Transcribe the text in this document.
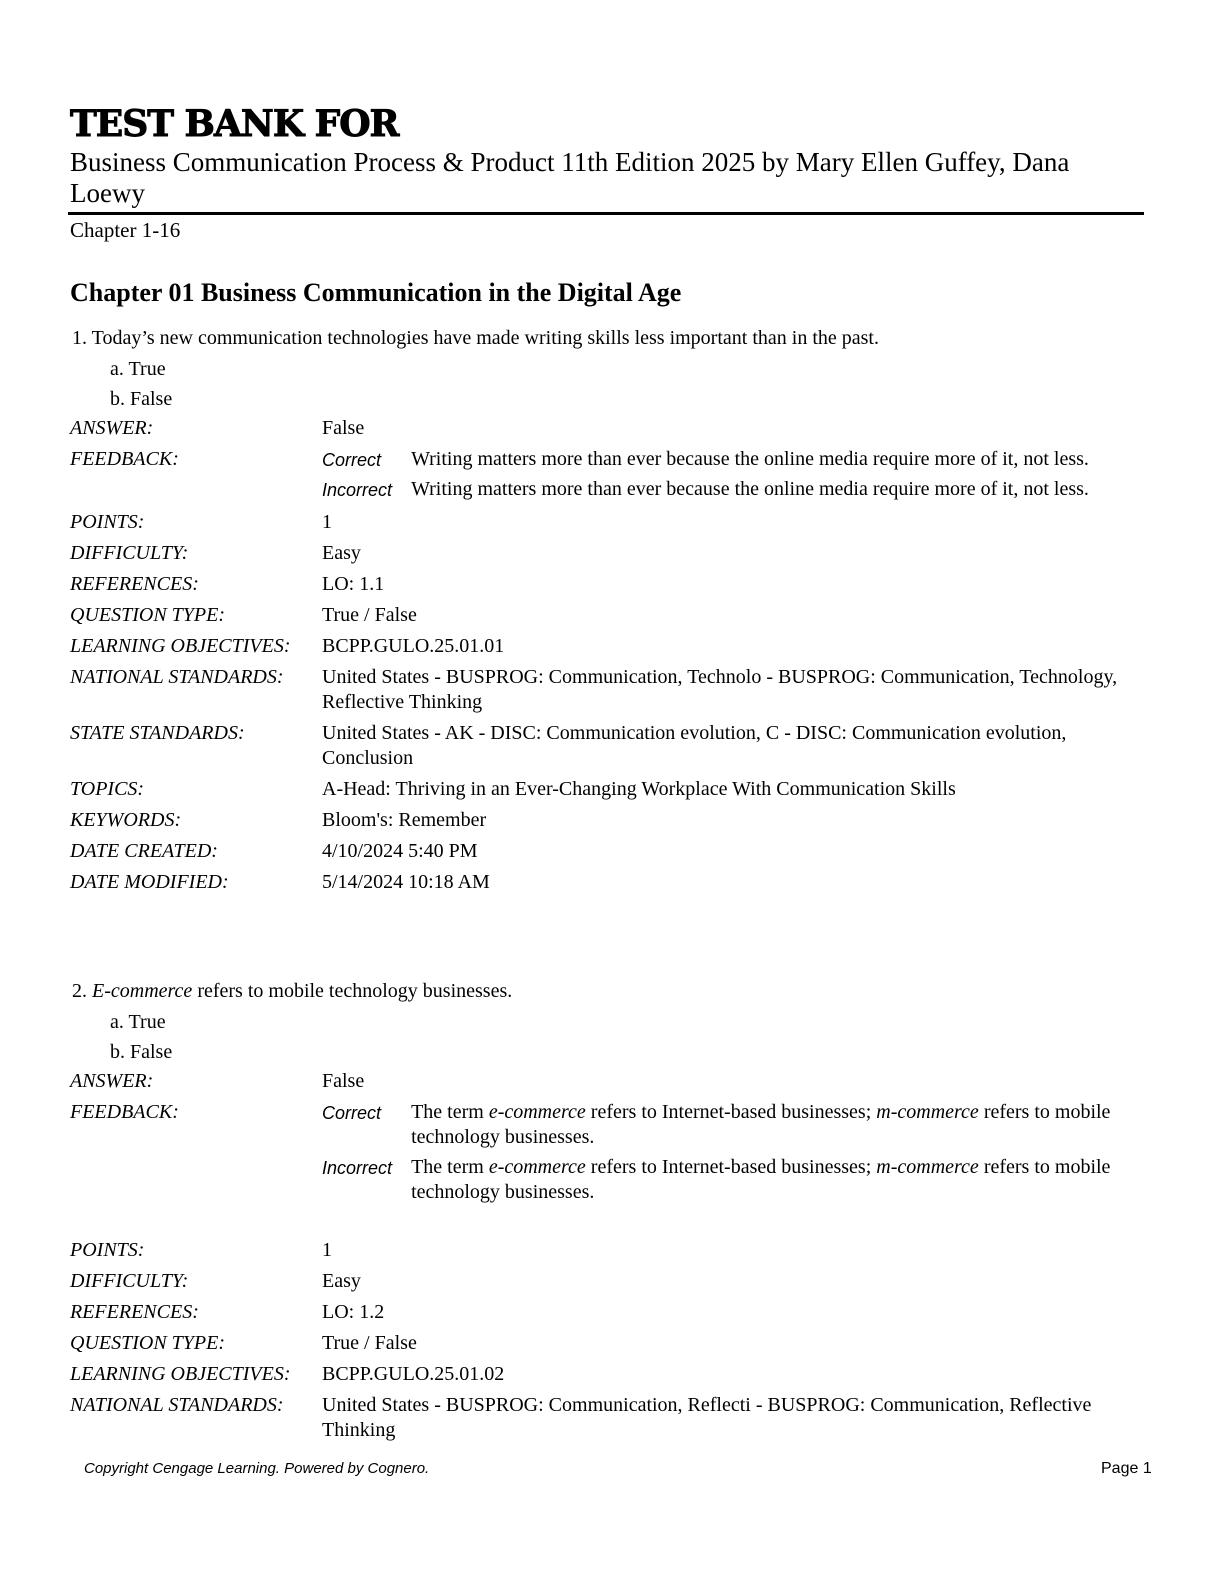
TEST BANK FOR
Business Communication Process & Product 11th Edition 2025 by Mary Ellen Guffey, Dana Loewy
Chapter 1-16
Chapter 01 Business Communication in the Digital Age
1. Today’s new communication technologies have made writing skills less important than in the past.
a. True
b. False
ANSWER:	False
FEEDBACK:	Correct	Writing matters more than ever because the online media require more of it, not less.
Incorrect	Writing matters more than ever because the online media require more of it, not less.
POINTS:	1
DIFFICULTY:	Easy
REFERENCES:	LO: 1.1
QUESTION TYPE:	True / False
LEARNING OBJECTIVES:	BCPP.GULO.25.01.01
NATIONAL STANDARDS:	United States - BUSPROG: Communication, Technolo - BUSPROG: Communication, Technology, Reflective Thinking
STATE STANDARDS:	United States - AK - DISC: Communication evolution, C - DISC: Communication evolution, Conclusion
TOPICS:	A-Head: Thriving in an Ever-Changing Workplace With Communication Skills
KEYWORDS:	Bloom's: Remember
DATE CREATED:	4/10/2024 5:40 PM
DATE MODIFIED:	5/14/2024 10:18 AM
2. E-commerce refers to mobile technology businesses.
a. True
b. False
ANSWER:	False
FEEDBACK:	Correct	The term e-commerce refers to Internet-based businesses; m-commerce refers to mobile technology businesses.
Incorrect	The term e-commerce refers to Internet-based businesses; m-commerce refers to mobile technology businesses.
POINTS:	1
DIFFICULTY:	Easy
REFERENCES:	LO: 1.2
QUESTION TYPE:	True / False
LEARNING OBJECTIVES:	BCPP.GULO.25.01.02
NATIONAL STANDARDS:	United States - BUSPROG: Communication, Reflecti - BUSPROG: Communication, Reflective Thinking
Copyright Cengage Learning. Powered by Cognero.	Page 1
